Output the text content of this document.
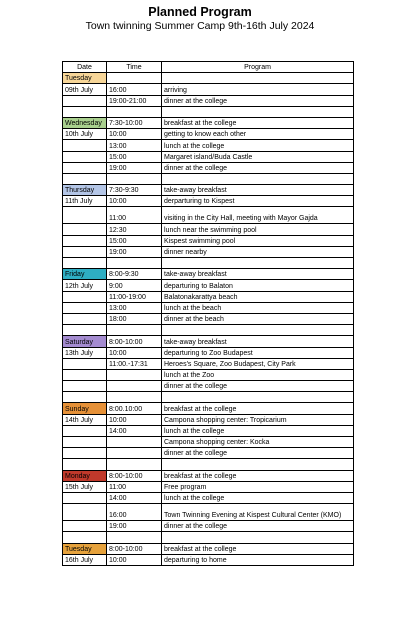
Planned Program
Town twinning Summer Camp 9th-16th July 2024
Date	Time	Program
Tuesday		
09th July	16:00	arriving
	19:00-21:00	dinner at the college

Wednesday	7:30-10:00	breakfast at the college
10th July	10:00	getting to know each other
	13:00	lunch at the college
	15:00	Margaret island/Buda Castle
	19:00	dinner at the college

Thursday	7:30-9:30	take-away breakfast
11th July	10:00	derparturing to Kispest
	11:00	visiting in the City Hall, meeting with Mayor Gajda
	12:30	lunch near the swimming pool
	15:00	Kispest swimming pool
	19:00	dinner nearby

Friday	8:00-9:30	take-away breakfast
12th July	9:00	departuring to Balaton
	11:00-19:00	Balatonakarattya beach
	13:00	lunch at the beach
	18:00	dinner at the beach

Saturday	8:00-10:00	take-away breakfast
13th July	10:00	departuring to Zoo Budapest
	11:00.-17:31	Heroes's Square, Zoo Budapest, City Park
		lunch at the Zoo
		dinner at the college

Sunday	8:00.10:00	breakfast at the college
14th July	10:00	Campona shopping center: Tropicarium
	14:00	lunch at the college
		Campona shopping center: Kocka
		dinner at the college

Monday	8:00-10:00	breakfast at the college
15th July	11:00	Free program
	14:00	lunch at the college
	16:00	Town Twinning Evening at Kispest Cultural Center (KMO)
	19:00	dinner at the college

Tuesday	8:00-10:00	breakfast at the college
16th July	10:00	departuring to home
